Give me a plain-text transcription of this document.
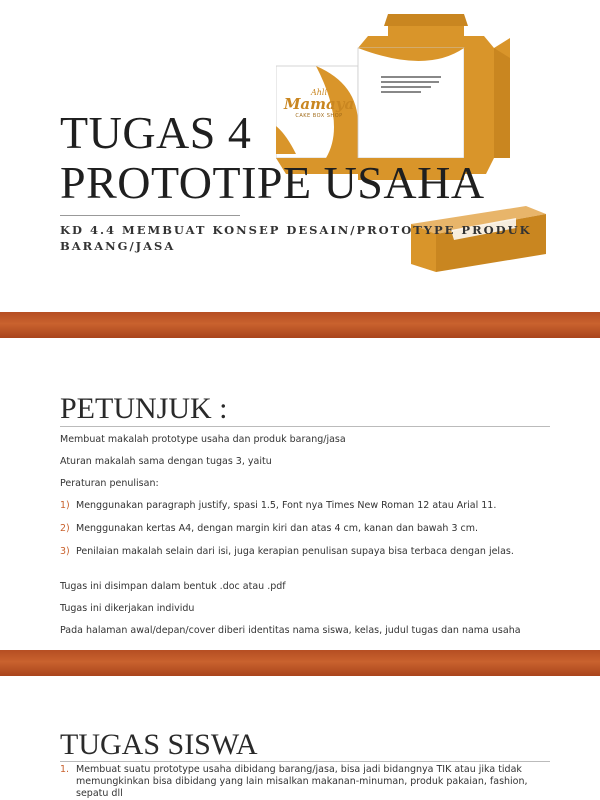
Ahli
Mamaya
CAKE BOX SHOP
TUGAS 4
PROTOTIPE USAHA
KD 4.4 MEMBUAT KONSEP DESAIN/PROTOTYPE PRODUK BARANG/JASA
PETUNJUK :

Membuat makalah prototype usaha dan produk barang/jasa

Aturan makalah sama dengan tugas 3, yaitu

Peraturan penulisan:

1) Menggunakan paragraph justify, spasi 1.5, Font nya Times New Roman 12 atau Arial 11.
2) Menggunakan kertas A4, dengan margin kiri dan atas 4 cm, kanan dan bawah 3 cm.
3) Penilaian makalah selain dari isi, juga kerapian penulisan supaya bisa terbaca dengan jelas.

Tugas ini disimpan dalam bentuk .doc atau .pdf

Tugas ini dikerjakan individu

Pada halaman awal/depan/cover diberi identitas nama siswa, kelas, judul tugas dan nama usaha

TUGAS SISWA
1. Membuat suatu prototype usaha dibidang barang/jasa, bisa jadi bidangnya TIK atau jika tidak memungkinkan bisa dibidang yang lain misalkan makanan-minuman, produk pakaian, fashion, sepatu dll
